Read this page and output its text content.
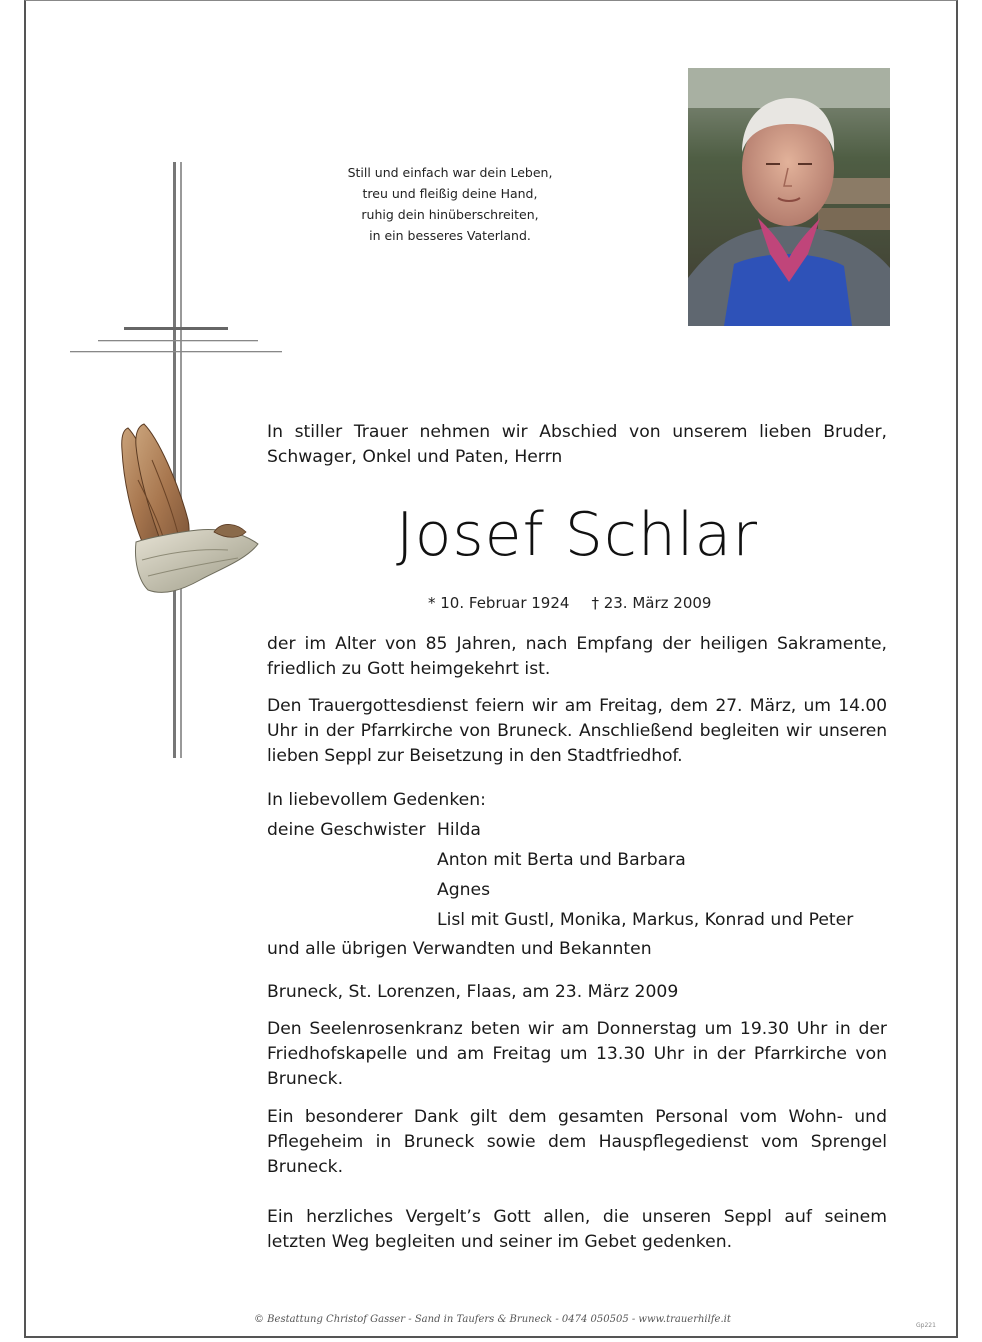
Still und einfach war dein Leben,
treu und fleißig deine Hand,
ruhig dein hinüberschreiten,
in ein besseres Vaterland.
In stiller Trauer nehmen wir Abschied von unserem lieben Bruder, Schwager, Onkel und Paten, Herrn
Josef Schlar
* 10. Februar 1924 † 23. März 2009
der im Alter von 85 Jahren, nach Empfang der heiligen Sakramente, friedlich zu Gott heimgekehrt ist.
Den Trauergottesdienst feiern wir am Freitag, dem 27. März, um 14.00 Uhr in der Pfarrkirche von Bruneck. Anschließend begleiten wir unseren lieben Seppl zur Beisetzung in den Stadtfriedhof.
In liebevollem Gedenken:
deine Geschwister Hilda
Anton mit Berta und Barbara
Agnes
Lisl mit Gustl, Monika, Markus, Konrad und Peter
und alle übrigen Verwandten und Bekannten
Bruneck, St. Lorenzen, Flaas, am 23. März 2009
Den Seelenrosenkranz beten wir am Donnerstag um 19.30 Uhr in der Friedhofskapelle und am Freitag um 13.30 Uhr in der Pfarrkirche von Bruneck.
Ein besonderer Dank gilt dem gesamten Personal vom Wohn- und Pflegeheim in Bruneck sowie dem Hauspflegedienst vom Sprengel Bruneck.
Ein herzliches Vergelt’s Gott allen, die unseren Seppl auf seinem letzten Weg begleiten und seiner im Gebet gedenken.
© Bestattung Christof Gasser - Sand in Taufers & Bruneck - 0474 050505 - www.trauerhilfe.it
Gp221
